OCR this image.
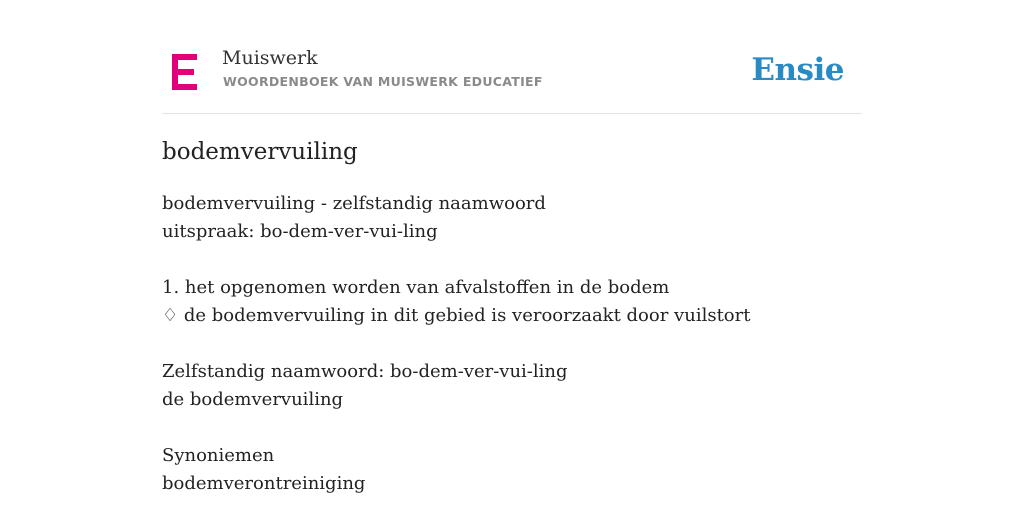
Muiswerk
WOORDENBOEK VAN MUISWERK EDUCATIEF	Ensie
bodemvervuiling
bodemvervuiling - zelfstandig naamwoord
uitspraak: bo-dem-ver-vui-ling
1. het opgenomen worden van afvalstoffen in de bodem
♢ de bodemvervuiling in dit gebied is veroorzaakt door vuilstort
Zelfstandig naamwoord: bo-dem-ver-vui-ling
de bodemvervuiling
Synoniemen
bodemverontreiniging
